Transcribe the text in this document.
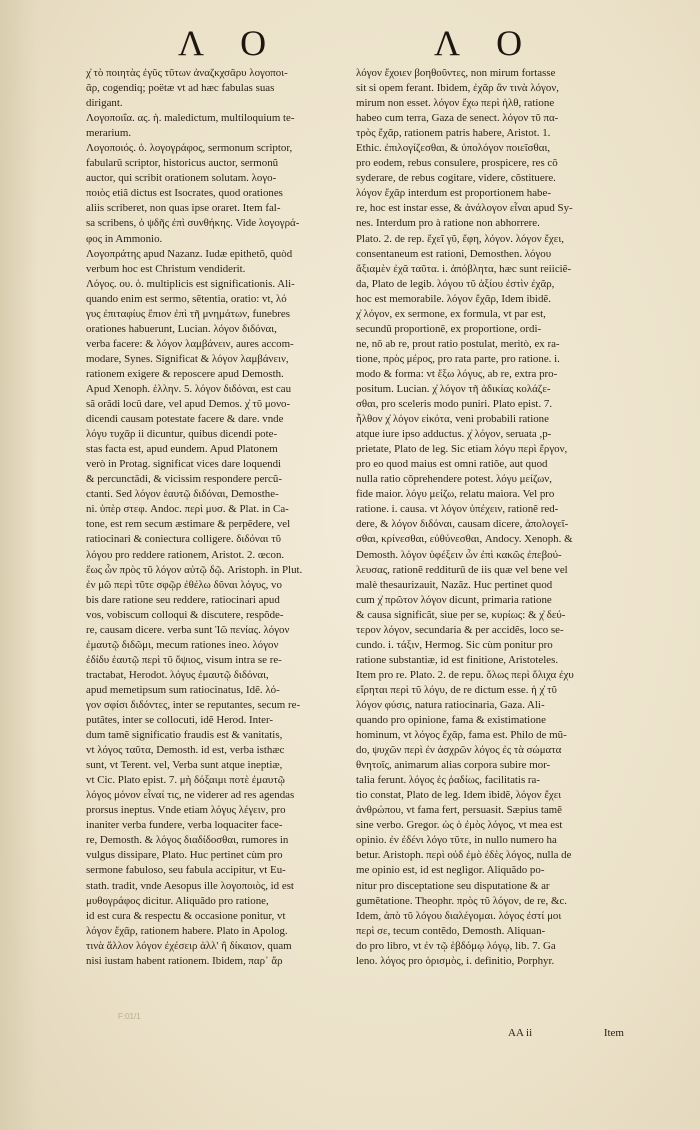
Λ Ο	Λ Ο
χ̓ τὸ ποιητὰς ἐγῦς τῦτων ἀναζκχσᾶρυ λογοποι-
ᾶρ, cogendiq; poëtæ vt ad hæc fabulas suas
dirigant.
Λογοποιΐα. ας. ἡ. maledictum, multiloquium te-
merarium.
Λογοποιός. ὁ. λογογράφος, sermonum scriptor,
fabularũ scriptor, historicus auctor, sermonũ
auctor, qui scribit orationem solutam. λογο-
ποιὸς etiã dictus est Isocrates, quod orationes
aliis scriberet, non quas ipse oraret. Item fal-
sa scribens, ὁ ψδῆς ἐπὶ συνθήκης. Vide λογογρά-
φος in Ammonio.
Λογοπράτης apud Nazanz. Iudæ epithetõ, quòd
verbum hoc est Christum vendiderit.
Λόγος. ου. ὁ. multiplicis est significationis. Ali-
quando enim est sermo, sẽtentia, oratio: vt, λό
γυς ἐπιταφίυς ἔπιον ἐπὶ τῆ μνημάτων, funebres
orationes habuerunt, Lucian. λόγον διδόναι,
verba facere: & λόγον λαμβάνειν, aures accom-
modare, Synes. Significat & λόγον λαμβάνειν,
rationem exigere & reposcere apud Demosth.
Apud Xenoph. ἑλλην. 5. λόγον διδόναι, est cau
sã orãdi locũ dare, vel apud Demos. χ̓ τῦ μονο-
dicendi causam potestate facere & dare. vnde
λόγυ τυχᾶρ ii dicuntur, quibus dicendi pote-
stas facta est, apud eundem. Apud Platonem
verò in Protag. significat vices dare loquendi
& percunctãdi, & vicissim respondere percũ-
ctanti. Sed λόγον ἑαυτῷ διδόναι, Demosthe-
ni. ὑπὲρ στεφ. Andoc. περὶ μυσ. & Plat. in Ca-
tone, est rem secum æstimare & perpẽdere, vel
ratiocinari & coniectura colligere. διδόναι τῦ
λόγου pro reddere rationem, Aristot. 2. œcon.
ἕως ὧν πρὸς τῦ λόγον αὐτῷ δῷ. Aristoph. in Plut.
ἐν μῶ περὶ τῦτε σφῷρ ἐθέλω δῦναι λόγυς, vo
bis dare ratione seu reddere, ratiocinari apud
vos, vobiscum colloqui & discutere, respõde-
re, causam dicere. verba sunt Ἰῶ πενίας. λόγον
ἐμαυτῷ διδῶμι, mecum rationes ineo. λόγον
ἐδίδυ ἑαυτῷ περὶ τῦ ὄψιος, visum intra se re-
tractabat, Herodot. λόγυς ἐμαυτῷ διδόναι,
apud memetipsum sum ratiocinatus, Idẽ. λό-
γον σφίσι διδόντες, inter se reputantes, secum re-
putãtes, inter se collocuti, idẽ Herod. Inter-
dum tamẽ significatio fraudis est & vanitatis,
vt λόγος ταῦτα, Demosth. id est, verba isthæc
sunt, vt Terent. vel, Verba sunt atque ineptiæ,
vt Cic. Plato epist. 7. μὴ δόξαιμι ποτὲ ἐμαυτῷ
λόγος μόνον εἶναί τις, ne viderer ad res agendas
prorsus ineptus. Vnde etiam λόγυς λέγειν, pro
inaniter verba fundere, verba loquaciter face-
re, Demosth. & λόγος διαδίδοσθαι, rumores in
vulgus dissipare, Plato. Huc pertinet cùm pro
sermone fabuloso, seu fabula accipitur, vt Eu-
stath. tradit, vnde Aesopus ille λογοποιὸς, id est
μυθογράφος dicitur. Aliquãdo pro ratione,
id est cura & respectu & occasione ponitur, vt
λόγον ἔχᾶρ, rationem habere. Plato in Apolog.
τινὰ ἄλλον λόγον ἐχέσειρ ἀλλ' ἢ δίκαιον, quam
nisi iustam habent rationem. Ibidem, παρ᾽ ἄρ
λόγον ἔχοιεν βοηθοῦντες, non mirum fortasse
sit si opem ferant. Ibidem, ἐχᾶρ ἂν τινὰ λόγον,
mirum non esset. λόγον ἔχω περὶ ἡλθ, ratione
habeo cum terra, Gaza de senect. λόγον τῦ πα-
τρὸς ἔχᾶρ, rationem patris habere, Aristot. 1.
Ethic. ἐπιλογίζεσθαι, & ὑπολόγον ποιεῖσθαι,
pro eodem, rebus consulere, prospicere, res cõ
syderare, de rebus cogitare, videre, cõstituere.
λόγον ἔχᾶρ interdum est proportionem habe-
re, hoc est instar esse, & ἀνάλογον εἶναι apud Sy-
nes. Interdum pro à ratione non abhorrere.
Plato. 2. de rep. ἔχεῖ γῦ, ἔφη, λόγον. λόγον ἔχει,
consentaneum est rationi, Demosthen. λόγου
ἄξιαμὲν ἐχᾶ ταῦτα. i. ἀπόβλητα, hæc sunt reiiciẽ-
da, Plato de legib. λόγου τῦ ἀξίου ἐστὶν ἐχᾶρ,
hoc est memorabile. λόγον ἔχᾶρ, Idem ibidẽ.
χ̓ λόγον, ex sermone, ex formula, vt par est,
secundũ proportionẽ, ex proportione, ordi-
ne, nõ ab re, prout ratio postulat, meritò, ex ra-
tione, πρὸς μέρος, pro rata parte, pro ratione. i.
modo & forma: vt ἔξω λόγυς, ab re, extra pro-
positum. Lucian. χ̓ λόγον τῆ ἀδικίας κολάζε-
σθαι, pro sceleris modo puniri. Plato epist. 7.
ἦλθον χ̓ λόγον εἰκότα, veni probabili ratione
atque iure ipso adductus. χ̓ λόγον, seruata ,p-
prietate, Plato de leg. Sic etiam λόγυ περὶ ἔργον,
pro eo quod maius est omni ratiõe, aut quod
nulla ratio cõprehendere potest. λόγυ μείζων,
fide maior. λόγυ μείζω, relatu maiora. Vel pro
ratione. i. causa. vt λόγον ὑπέχειν, rationẽ red-
dere, & λόγον διδόναι, causam dicere, ἀπολογεῖ-
σθαι, κρίνεσθαι, εὐθύνεσθαι, Andocy. Xenoph. &
Demosth. λόγον ὑφέξειν ὧν ἐπὶ κακῶς ἐπεβού-
λευσας, rationẽ redditurũ de iis quæ vel bene vel
malè thesaurizauit, Nazãz. Huc pertinet quod
cum χ̓ πρῶτον λόγον dicunt, primaria ratione
& causa significãt, siue per se, κυρίως: & χ̓ δεύ-
τερον λόγον, secundaria & per accidẽs, loco se-
cundo. i. τάξιν, Hermog. Sic cùm ponitur pro
ratione substantiæ, id est finitione, Aristoteles.
Item pro re. Plato. 2. de repu. ὅλως περὶ ὅλιχα ἐχυ
εἴρηται περὶ τῦ λόγυ, de re dictum esse. ἡ χ̓ τῦ
λόγον φύσις, natura ratiocinaria, Gaza. Ali-
quando pro opinione, fama & existimatione
hominum, vt λόγος ἔχᾶρ, fama est. Philo de mũ-
do, ψυχῶν περὶ ἐν ἀσχρῶν λόγος ἐς τὰ σώματα
θνητοῖς, animarum alias corpora subire mor-
talia ferunt. λόγος ἐς ῥαδίως, facilitatis ra-
tio constat, Plato de leg. Idem ibidẽ, λόγον ἔχει
ἀνθρώπου, vt fama fert, persuasit. Sæpius tamẽ
sine verbo. Gregor. ὡς ὁ ἐμὸς λόγος, vt mea est
opinio. ἐν ἐδένι λόγο τῦτε, in nullo numero ha
betur. Aristoph. περὶ οὐδ ἐμὸ ἐδὲς λόγος, nulla de
me opinio est, id est negligor. Aliquãdo po-
nitur pro disceptatione seu disputatione & ar
gumẽtatione. Theophr. πρὸς τῦ λόγον, de re, &c.
Idem, ἀπὸ τῦ λόγου διαλέγομαι. λόγος ἐστί μοι
περὶ σε, tecum contẽdo, Demosth. Aliquan-
do pro libro, vt ἐν τῷ ἑβδόμῳ λόγῳ, lib. 7. Ga
leno. λόγος pro ὁρισμὸς, i. definitio, Porphyr.
F:01/1
AA ii	Item
